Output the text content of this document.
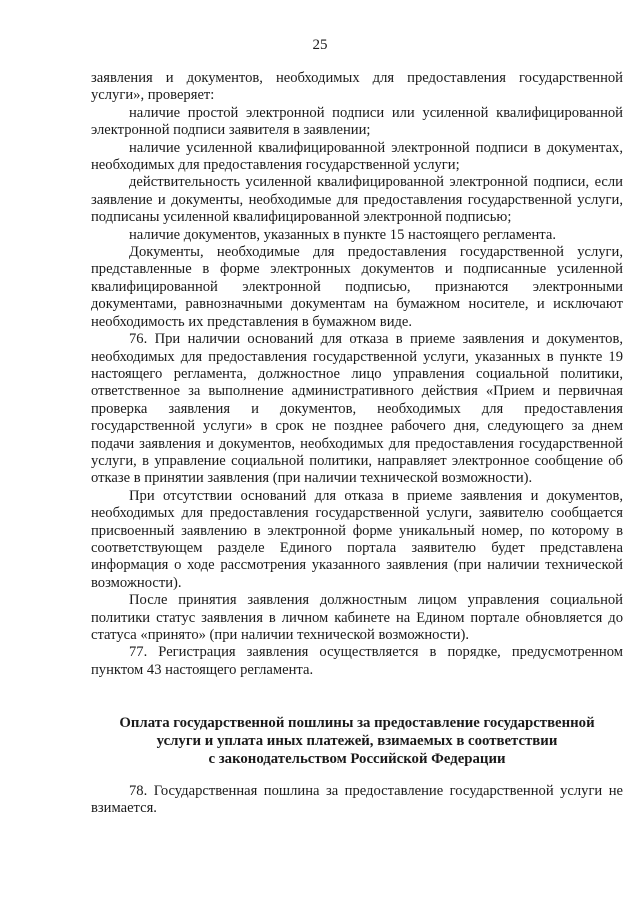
25

заявления и документов, необходимых для предоставления государственной услуги», проверяет:

наличие простой электронной подписи или усиленной квалифицированной электронной подписи заявителя в заявлении;

наличие усиленной квалифицированной электронной подписи в документах, необходимых для предоставления государственной услуги;

действительность усиленной квалифицированной электронной подписи, если заявление и документы, необходимые для предоставления государственной услуги, подписаны усиленной квалифицированной электронной подписью;

наличие документов, указанных в пункте 15 настоящего регламента.

Документы, необходимые для предоставления государственной услуги, представленные в форме электронных документов и подписанные усиленной квалифицированной электронной подписью, признаются электронными документами, равнозначными документам на бумажном носителе, и исключают необходимость их представления в бумажном виде.

76. При наличии оснований для отказа в приеме заявления и документов, необходимых для предоставления государственной услуги, указанных в пункте 19 настоящего регламента, должностное лицо управления социальной политики, ответственное за выполнение административного действия «Прием и первичная проверка заявления и документов, необходимых для предоставления государственной услуги» в срок не позднее рабочего дня, следующего за днем подачи заявления и документов, необходимых для предоставления государственной услуги, в управление социальной политики, направляет электронное сообщение об отказе в принятии заявления (при наличии технической возможности).

При отсутствии оснований для отказа в приеме заявления и документов, необходимых для предоставления государственной услуги, заявителю сообщается присвоенный заявлению в электронной форме уникальный номер, по которому в соответствующем разделе Единого портала заявителю будет представлена информация о ходе рассмотрения указанного заявления (при наличии технической возможности).

После принятия заявления должностным лицом управления социальной политики статус заявления в личном кабинете на Едином портале обновляется до статуса «принято» (при наличии технической возможности).

77. Регистрация заявления осуществляется в порядке, предусмотренном пунктом 43 настоящего регламента.

Оплата государственной пошлины за предоставление государственной
услуги и уплата иных платежей, взимаемых в соответствии
с законодательством Российской Федерации

78. Государственная пошлина за предоставление государственной услуги не взимается.
